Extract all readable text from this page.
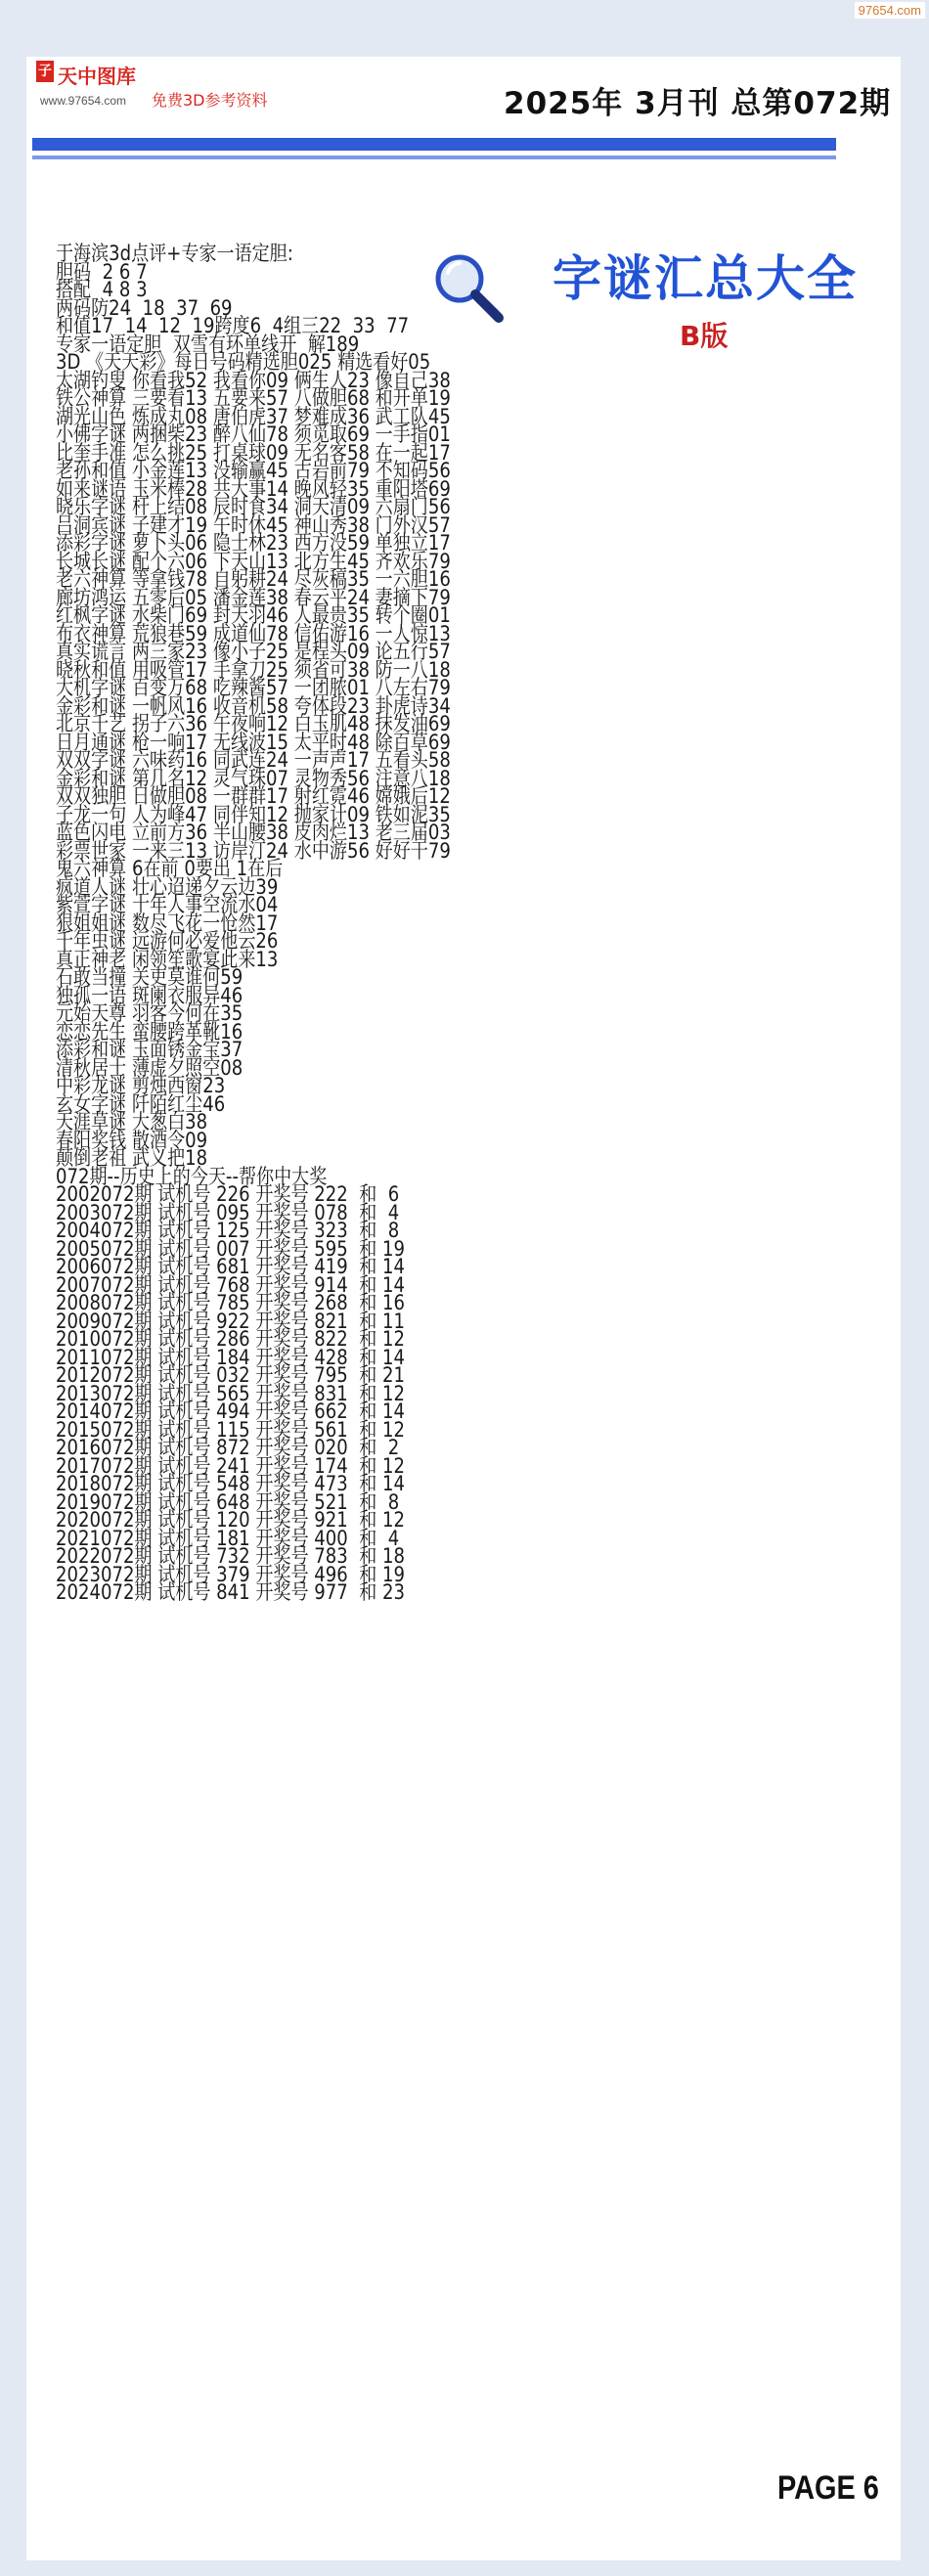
97654.com
子 天中图库
www.97654.com 免费3D参考资料	2025年 3月刊 总第072期
字谜汇总大全
B版
于海滨3d点评+专家一语定胆:
胆码  2 6 7
搭配  4 8 3
两码防24  18  37  69
和值17  14  12  19跨度6  4组三22  33  77
专家一语定胆  双雪有环单线开  解189
3D 《天天彩》每日号码精选胆025 精选看好05
太湖钓叟 你看我52 我看你09 俩生人23 像自己38
铁公神算 三要看13 五要来57 八做胆68 和开单19
湖光山色 炼成丸08 唐伯虎37 梦难成36 武工队45
小佛字谜 两捆柴23 醉八仙78 须觅取69 一手指01
比奎手准 怎么挑25 打桌球09 无名客58 在一起17
老孙和值 小金莲13 没输赢45 古岩前79 不知码56
如来谜语 玉米棒28 共大事14 晚风轻35 重阳塔69
晓乐字谜 杆上结08 辰时食34 洞天清09 六扇门56
吕洞宾谜 子建才19 午时休45 神山秀38 门外汉57
添彩字谜 萝卜头06 隐士林23 西方没59 单独立17
长城长谜 配个六06 下天山13 北方生45 齐欢乐79
老六神算 等拿钱78 自躬耕24 尽灰稿35 一六胆16
廊坊鸿运 五零后05 潘金莲38 春云平24 妻摘下79
红枫字谜 水柴门69 封天羽46 人最贵35 转个圈01
布衣神算 荒狼巷59 成道仙78 信佑游16 一人惊13
真实谎言 两三家23 像小子25 是程头09 论五行57
晓秋和值 用吸管17 手拿刀25 须省可38 防一八18
大机字谜 百变万68 吃辣酱57 一团脓01 八左右79
金彩和谜 一帆风16 收音机58 夸体段23 卦虎诗34
北京千艺 拐子六36 午夜响12 白玉肌48 抹发油69
日月通谜 枪一响17 无线波15 太平时48 除百草69
双双字谜 六味药16 同武连24 一声声17 五看头58
金彩和谜 第几名12 灵气珠07 灵物秀56 注意八18
双双独胆 日做胆08 一群群17 射红霓46 嫦娥后12
子龙一句 人为峰47 同伴知12 抛家计09 铁如泥35
蓝色闪电 立前方36 半山腰38 皮肉烂13 老三届03
彩票世家 一来三13 访岸汀24 水中游56 好好干79
鬼六神算 6在前 0要出 1在后
疯道人谜 壮心迢递夕云边39
紫萱字谜 十年人事空流水04
狠姐姐谜 数尽飞花一怆然17
千年虫谜 远游何必爱他云26
真正神老 闲领笙歌宴此来13
石敢当撞 关吏莫谁何59
独孤一语 斑阑衣服异46
元始天尊 羽客今何在35
恋恋先生 蛮腰跨革靴16
添彩和谜 玉面锈金宝37
清秋居士 薄虚夕照空08
中彩龙谜 剪烛西窗23
玄女字谜 阡陌红尘46
天涯草谜 大葱白38
春阳奖钱 散酒令09
颠倒老祖 武义把18
072期--历史上的今天--帮你中大奖
2002072期 试机号 226 开奖号 222  和  6
2003072期 试机号 095 开奖号 078  和  4
2004072期 试机号 125 开奖号 323  和  8
2005072期 试机号 007 开奖号 595  和 19
2006072期 试机号 681 开奖号 419  和 14
2007072期 试机号 768 开奖号 914  和 14
2008072期 试机号 785 开奖号 268  和 16
2009072期 试机号 922 开奖号 821  和 11
2010072期 试机号 286 开奖号 822  和 12
2011072期 试机号 184 开奖号 428  和 14
2012072期 试机号 032 开奖号 795  和 21
2013072期 试机号 565 开奖号 831  和 12
2014072期 试机号 494 开奖号 662  和 14
2015072期 试机号 115 开奖号 561  和 12
2016072期 试机号 872 开奖号 020  和  2
2017072期 试机号 241 开奖号 174  和 12
2018072期 试机号 548 开奖号 473  和 14
2019072期 试机号 648 开奖号 521  和  8
2020072期 试机号 120 开奖号 921  和 12
2021072期 试机号 181 开奖号 400  和  4
2022072期 试机号 732 开奖号 783  和 18
2023072期 试机号 379 开奖号 496  和 19
2024072期 试机号 841 开奖号 977  和 23
PAGE 6
